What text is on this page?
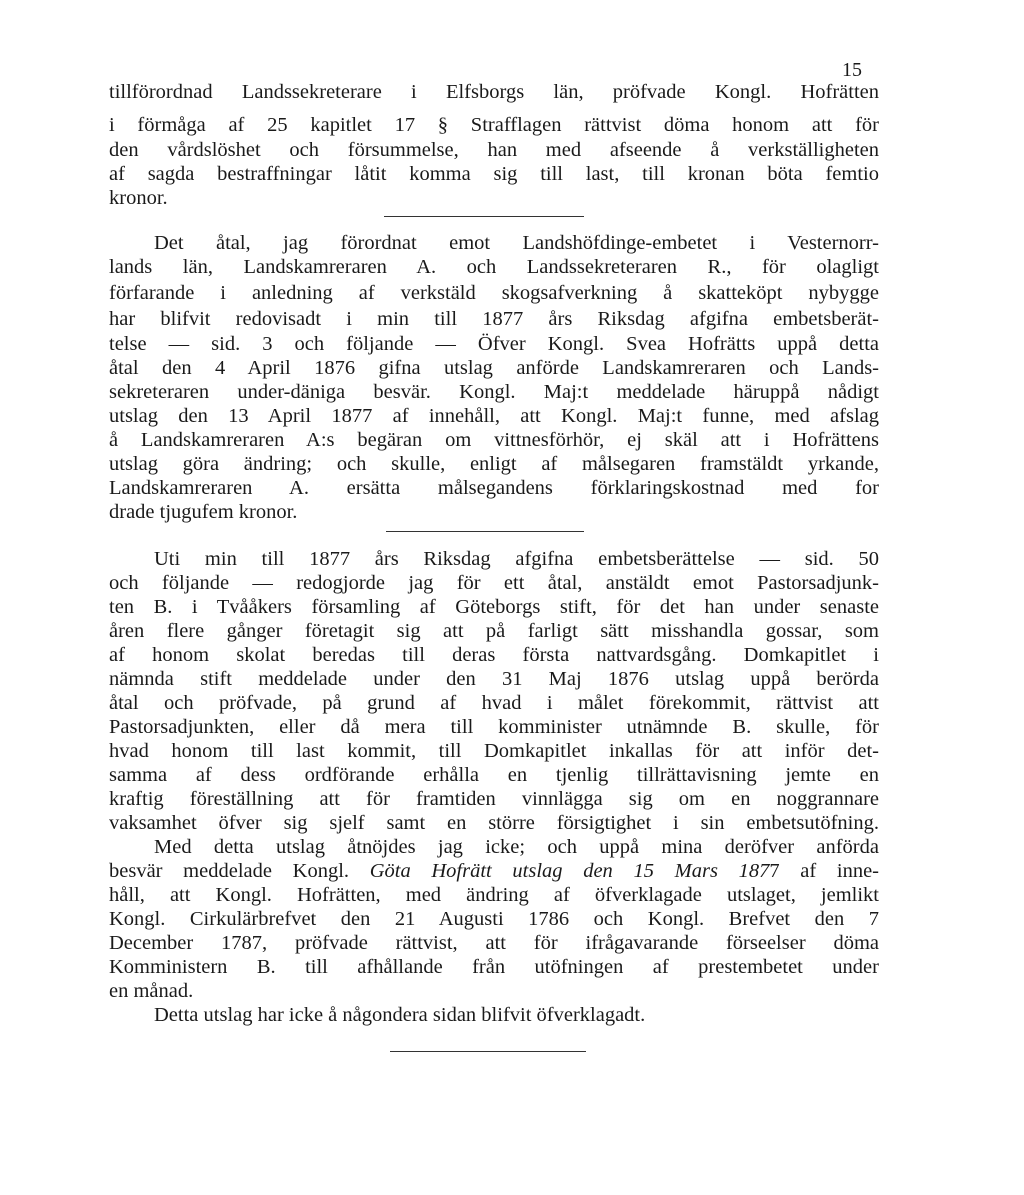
15
tillförordnad Landssekreterare i Elfsborgs län, pröfvade Kongl. Hofrätten
i förmåga af 25 kapitlet 17 § Strafflagen rättvist döma honom att för
den vårdslöshet och försummelse, han med afseende å verkställigheten
af sagda bestraffningar låtit komma sig till last, till kronan böta femtio
kronor.
Det åtal, jag förordnat emot Landshöfdinge-embetet i Vesternorr-
lands län, Landskamreraren A. och Landssekreteraren R., för olagligt
förfarande i anledning af verkstäld skogsafverkning å skatteköpt nybygge
har blifvit redovisadt i min till 1877 års Riksdag afgifna embetsberät-
telse — sid. 3 och följande — Öfver Kongl. Svea Hofrätts uppå detta
åtal den 4 April 1876 gifna utslag anförde Landskamreraren och Lands-
sekreteraren under-däniga besvär. Kongl. Maj:t meddelade häruppå nådigt
utslag den 13 April 1877 af innehåll, att Kongl. Maj:t funne, med afslag
å Landskamreraren A:s begäran om vittnesförhör, ej skäl att i Hofrättens
utslag göra ändring; och skulle, enligt af målsegaren framstäldt yrkande,
Landskamreraren A. ersätta målsegandens förklaringskostnad med for
drade tjugufem kronor.
Uti min till 1877 års Riksdag afgifna embetsberättelse — sid. 50
och följande — redogjorde jag för ett åtal, anstäldt emot Pastorsadjunk-
ten B. i Tvååkers församling af Göteborgs stift, för det han under senaste
åren flere gånger företagit sig att på farligt sätt misshandla gossar, som
af honom skolat beredas till deras första nattvardsgång. Domkapitlet i
nämnda stift meddelade under den 31 Maj 1876 utslag uppå berörda
åtal och pröfvade, på grund af hvad i målet förekommit, rättvist att
Pastorsadjunkten, eller då mera till komminister utnämnde B. skulle, för
hvad honom till last kommit, till Domkapitlet inkallas för att inför det-
samma af dess ordförande erhålla en tjenlig tillrättavisning jemte en
kraftig föreställning att för framtiden vinnlägga sig om en noggrannare
vaksamhet öfver sig sjelf samt en större försigtighet i sin embetsutöfning.
Med detta utslag åtnöjdes jag icke; och uppå mina deröfver anförda
besvär meddelade Kongl. Göta Hofrätt utslag den 15 Mars 1877 af inne-
håll, att Kongl. Hofrätten, med ändring af öfverklagade utslaget, jemlikt
Kongl. Cirkulärbrefvet den 21 Augusti 1786 och Kongl. Brefvet den 7
December 1787, pröfvade rättvist, att för ifrågavarande förseelser döma
Komministern B. till afhållande från utöfningen af prestembetet under
en månad.
Detta utslag har icke å någondera sidan blifvit öfverklagadt.
